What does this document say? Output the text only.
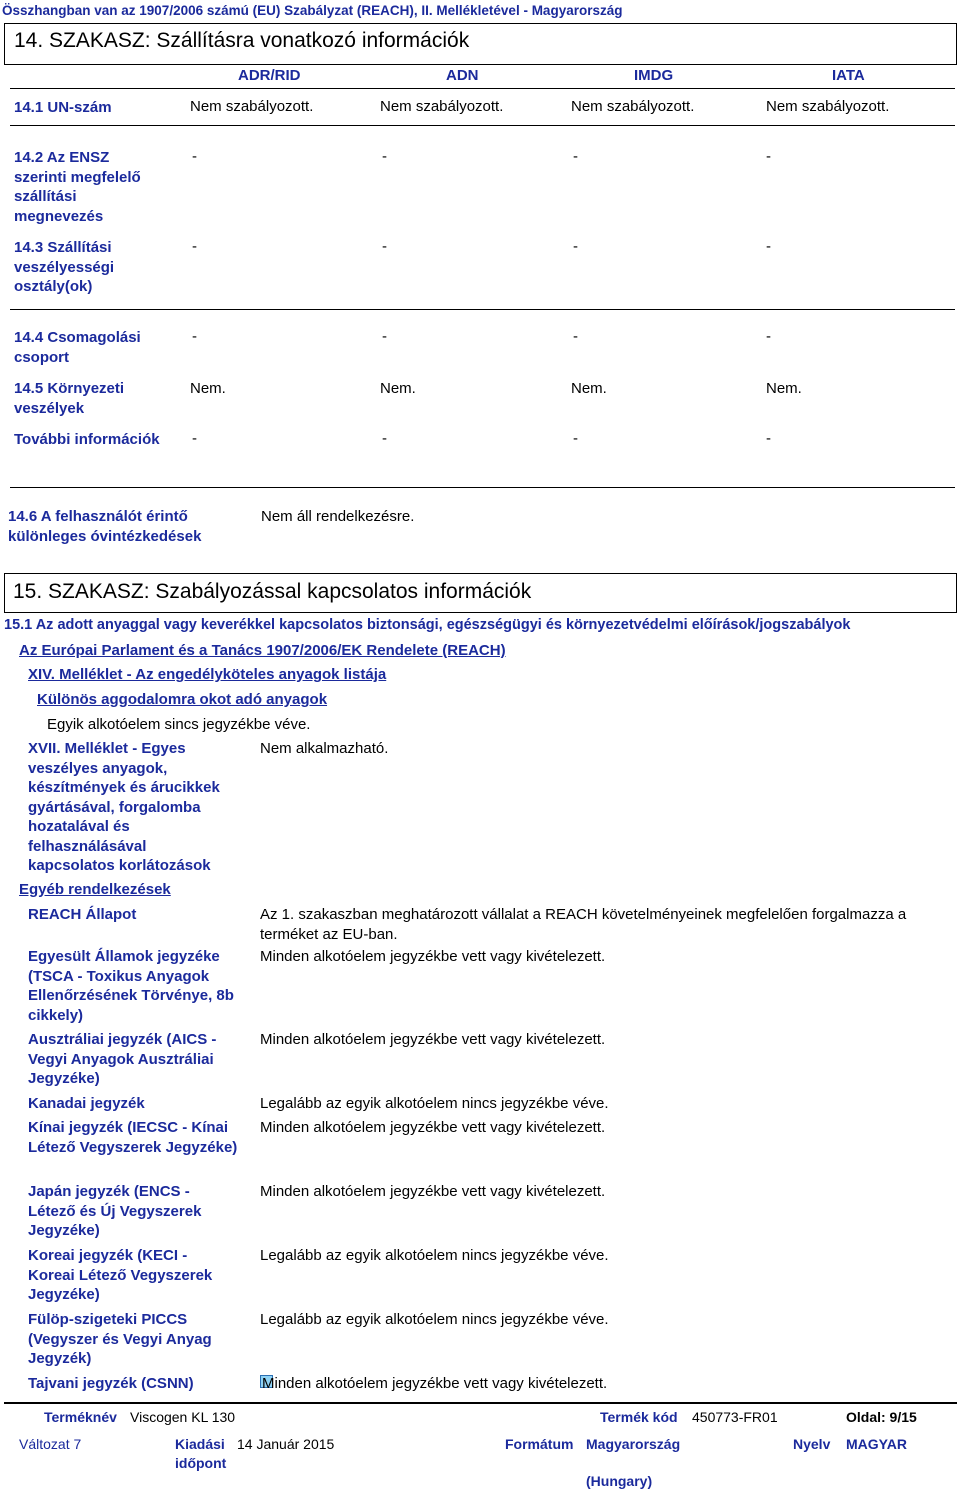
Összhangban van az 1907/2006 számú (EU) Szabályzat (REACH), II. Mellékletével - Magyarország
14. SZAKASZ: Szállításra vonatkozó információk
ADR/RID	ADN	IMDG	IATA
14.1 UN-szám	Nem szabályozott.	Nem szabályozott.	Nem szabályozott.	Nem szabályozott.
14.2 Az ENSZ szerinti megfelelő szállítási megnevezés
-	-	-	-
14.3 Szállítási veszélyességi osztály(ok)
-	-	-	-
14.4 Csomagolási csoport
-	-	-	-
14.5 Környezeti veszélyek
Nem.	Nem.	Nem.	Nem.
További információk -	-	-	-
14.6 A felhasználót érintő különleges óvintézkedések
Nem áll rendelkezésre.
15. SZAKASZ: Szabályozással kapcsolatos információk
15.1 Az adott anyaggal vagy keverékkel kapcsolatos biztonsági, egészségügyi és környezetvédelmi előírások/jogszabályok
Az Európai Parlament és a Tanács 1907/2006/EK Rendelete (REACH)
XIV. Melléklet - Az engedélyköteles anyagok listája
Különös aggodalomra okot adó anyagok
Egyik alkotóelem sincs jegyzékbe véve.
XVII. Melléklet - Egyes veszélyes anyagok, készítmények és árucikkek gyártásával, forgalomba hozatalával és felhasználásával kapcsolatos korlátozások
Nem alkalmazható.
Egyéb rendelkezések
REACH Állapot	Az 1. szakaszban meghatározott vállalat a REACH követelményeinek megfelelően forgalmazza a terméket az EU-ban.
Egyesült Államok jegyzéke (TSCA - Toxikus Anyagok Ellenőrzésének Törvénye, 8b cikkely)
Minden alkotóelem jegyzékbe vett vagy kivételezett.
Ausztráliai jegyzék (AICS - Vegyi Anyagok Ausztráliai Jegyzéke)
Minden alkotóelem jegyzékbe vett vagy kivételezett.
Kanadai jegyzék	Legalább az egyik alkotóelem nincs jegyzékbe véve.
Kínai jegyzék (IECSC - Kínai Létező Vegyszerek Jegyzéke)
Minden alkotóelem jegyzékbe vett vagy kivételezett.
Japán jegyzék (ENCS - Létező és Új Vegyszerek Jegyzéke)
Minden alkotóelem jegyzékbe vett vagy kivételezett.
Koreai jegyzék (KECI - Koreai Létező Vegyszerek Jegyzéke)
Legalább az egyik alkotóelem nincs jegyzékbe véve.
Fülöp-szigeteki PICCS (Vegyszer és Vegyi Anyag Jegyzék)
Legalább az egyik alkotóelem nincs jegyzékbe véve.
Tajvani jegyzék (CSNN)	Minden alkotóelem jegyzékbe vett vagy kivételezett.
Terméknév Viscogen KL 130	Termék kód 450773-FR01	Oldal: 9/15
Változat 7	Kiadási
időpont
14 Január 2015	Formátum Magyarország
(Hungary)
Nyelv MAGYAR
